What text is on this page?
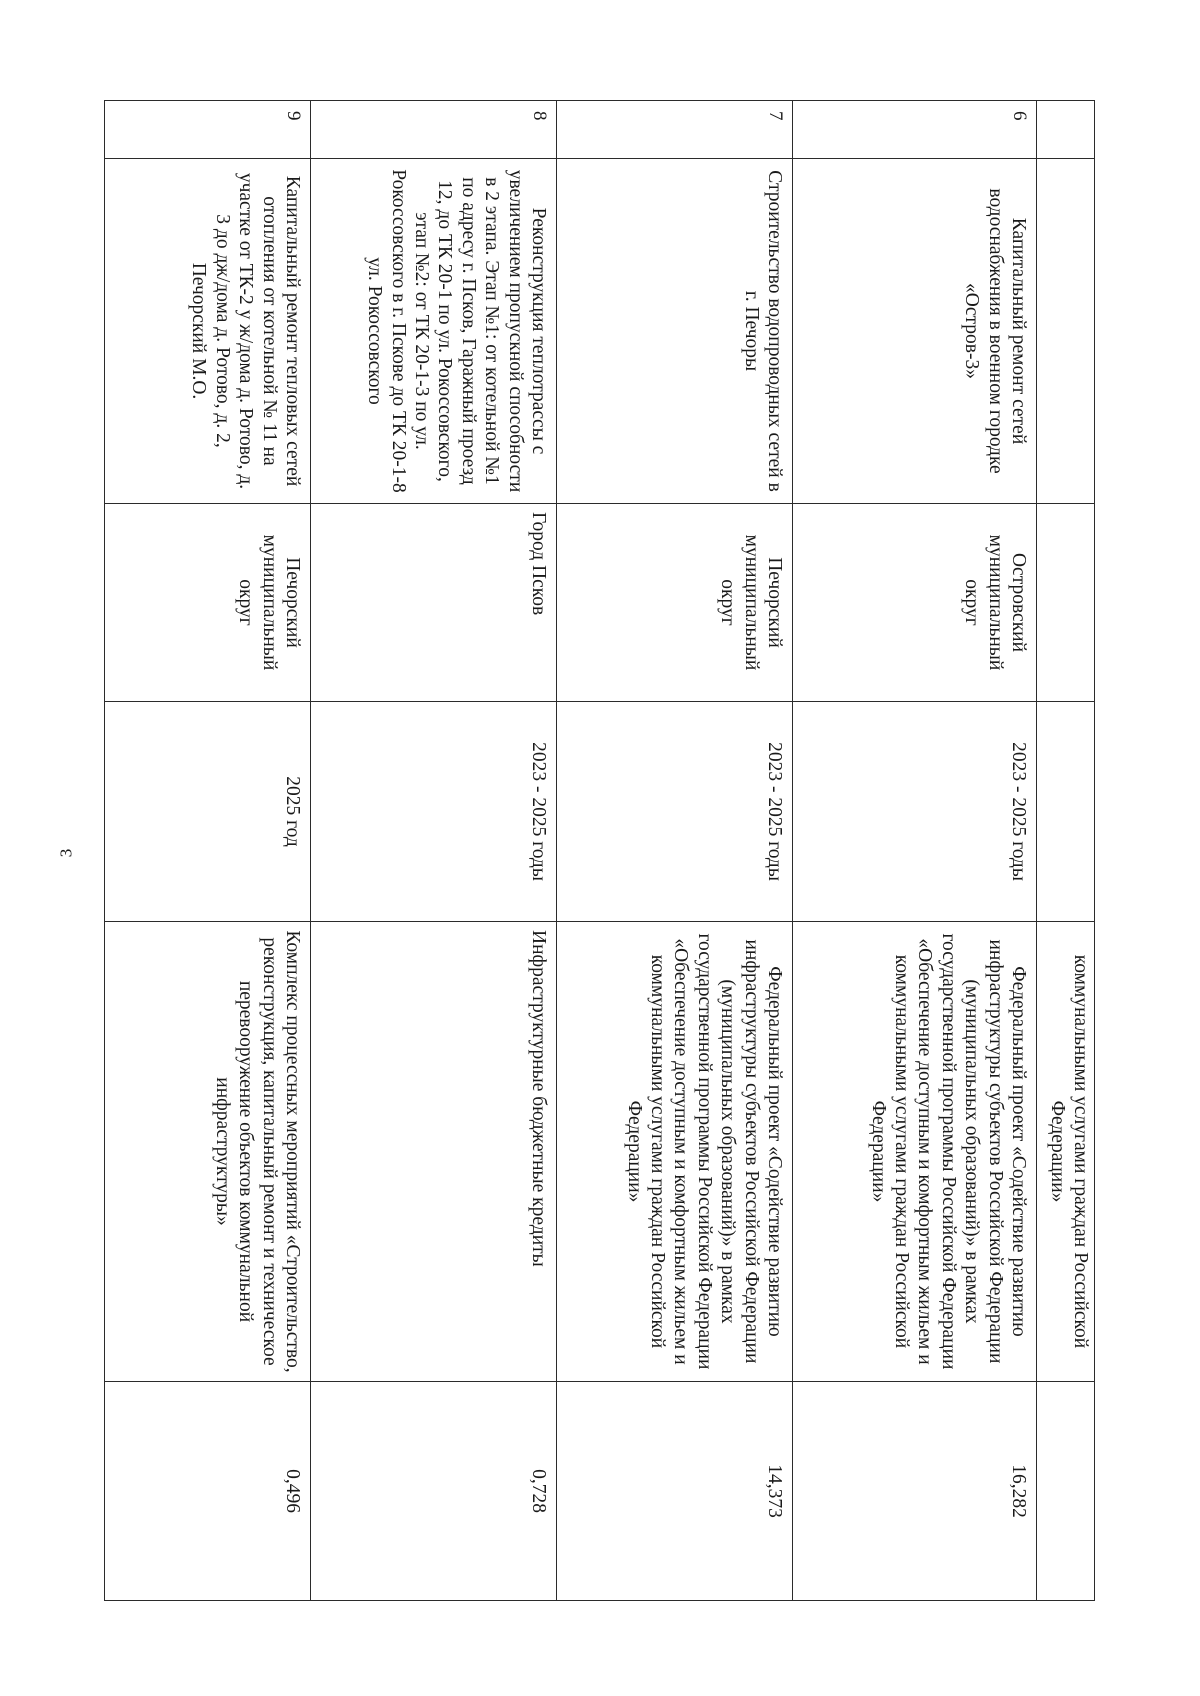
3
				коммунальными услугами граждан Российской Федерации»	
6	Капитальный ремонт сетей водоснабжения в военном городке «Остров-3»	Островский муниципальный округ	2023 - 2025 годы	Федеральный проект «Содействие развитию инфраструктуры субъектов Российской Федерации (муниципальных образований)» в рамках государственной программы Российской Федерации «Обеспечение доступным и комфортным жильем и коммунальными услугами граждан Российской Федерации»	16,282
7	Строительство водопроводных сетей в г. Печоры	Печорский муниципальный округ	2023 - 2025 годы	Федеральный проект «Содействие развитию инфраструктуры субъектов Российской Федерации (муниципальных образований)» в рамках государственной программы Российской Федерации «Обеспечение доступным и комфортным жильем и коммунальными услугами граждан Российской Федерации»	14,373
8	Реконструкция теплотрассы с увеличением пропускной способности в 2 этапа. Этап №1: от котельной №1 по адресу г. Псков, Гаражный проезд 12, до ТК 20-1 по ул. Рокоссовского, этап №2: от ТК 20-1-3 по ул. Рокоссовского в г. Пскове до ТК 20-1-8 ул. Рокоссовского	Город Псков	2023 - 2025 годы	Инфраструктурные бюджетные кредиты	0,728
9	Капитальный ремонт тепловых сетей отопления от котельной № 11 на участке от ТК-2 у ж/дома д. Ротово, д. 3 до дж/дома д. Ротово, д. 2, Печорский М.О.	Печорский муниципальный округ	2025 год	Комплекс процессных мероприятий «Строительство, реконструкция, капитальный ремонт и техническое перевооружение объектов коммунальной инфраструктуры»	0,496
